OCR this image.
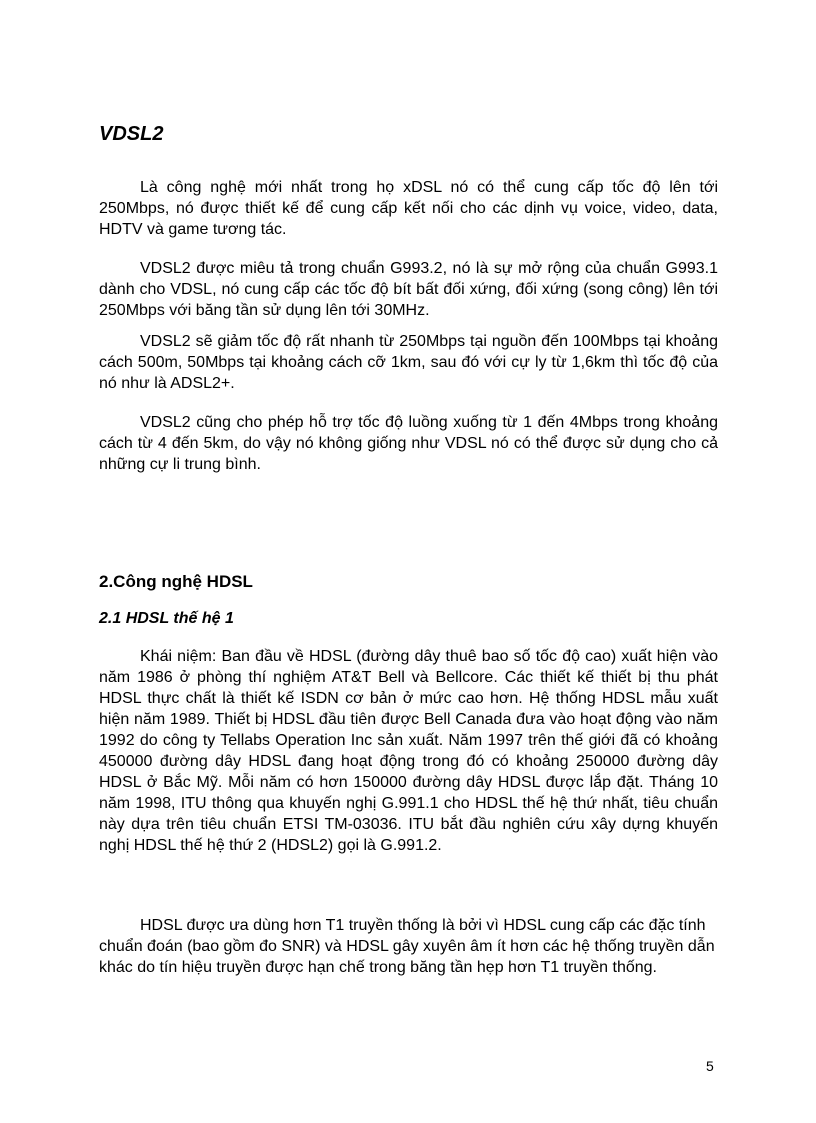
VDSL2

Là công nghệ mới nhất trong họ xDSL nó có thể cung cấp tốc độ lên tới 250Mbps, nó được thiết kế để cung cấp kết nối cho các dịnh vụ voice, video, data, HDTV và game tương tác.

VDSL2 được miêu tả trong chuẩn G993.2, nó là sự mở rộng của chuẩn G993.1 dành cho VDSL, nó cung cấp các tốc độ bít bất đối xứng, đối xứng (song công) lên tới 250Mbps với băng tần sử dụng lên tới 30MHz.

VDSL2 sẽ giảm tốc độ rất nhanh từ 250Mbps tại nguồn đến 100Mbps tại khoảng cách 500m, 50Mbps tại khoảng cách cỡ 1km, sau đó với cự ly từ 1,6km thì tốc độ của nó như là ADSL2+.

VDSL2 cũng cho phép hỗ trợ tốc độ luồng xuống từ 1 đến 4Mbps trong khoảng cách từ 4 đến 5km, do vậy nó không giống như VDSL nó có thể được sử dụng cho cả những cự li trung bình.

2.Công nghệ HDSL
2.1 HDSL thế hệ 1

Khái niệm: Ban đầu về HDSL (đường dây thuê bao số tốc độ cao) xuất hiện vào năm 1986 ở phòng thí nghiệm AT&T Bell và Bellcore. Các thiết kế thiết bị thu phát HDSL thực chất là thiết kế ISDN cơ bản ở mức cao hơn. Hệ thống HDSL mẫu xuất hiện năm 1989. Thiết bị HDSL đầu tiên được Bell Canada đưa vào hoạt động vào năm 1992 do công ty Tellabs Operation Inc sản xuất. Năm 1997 trên thế giới đã có khoảng 450000 đường dây HDSL đang hoạt động trong đó có khoảng 250000 đường dây HDSL ở Bắc Mỹ. Mỗi năm có hơn 150000 đường dây HDSL được lắp đặt. Tháng 10 năm 1998, ITU thông qua khuyến nghị G.991.1 cho HDSL thế hệ thứ nhất, tiêu chuẩn này dựa trên tiêu chuẩn ETSI TM-03036. ITU bắt đầu nghiên cứu xây dựng khuyến nghị HDSL thế hệ thứ 2 (HDSL2) gọi là G.991.2.

HDSL được ưa dùng hơn T1 truyền thống là bởi vì HDSL cung cấp các đặc tính chuẩn đoán (bao gồm đo SNR) và HDSL gây xuyên âm ít hơn các hệ thống truyền dẫn khác do tín hiệu truyền được hạn chế trong băng tần hẹp hơn T1 truyền thống.

5
